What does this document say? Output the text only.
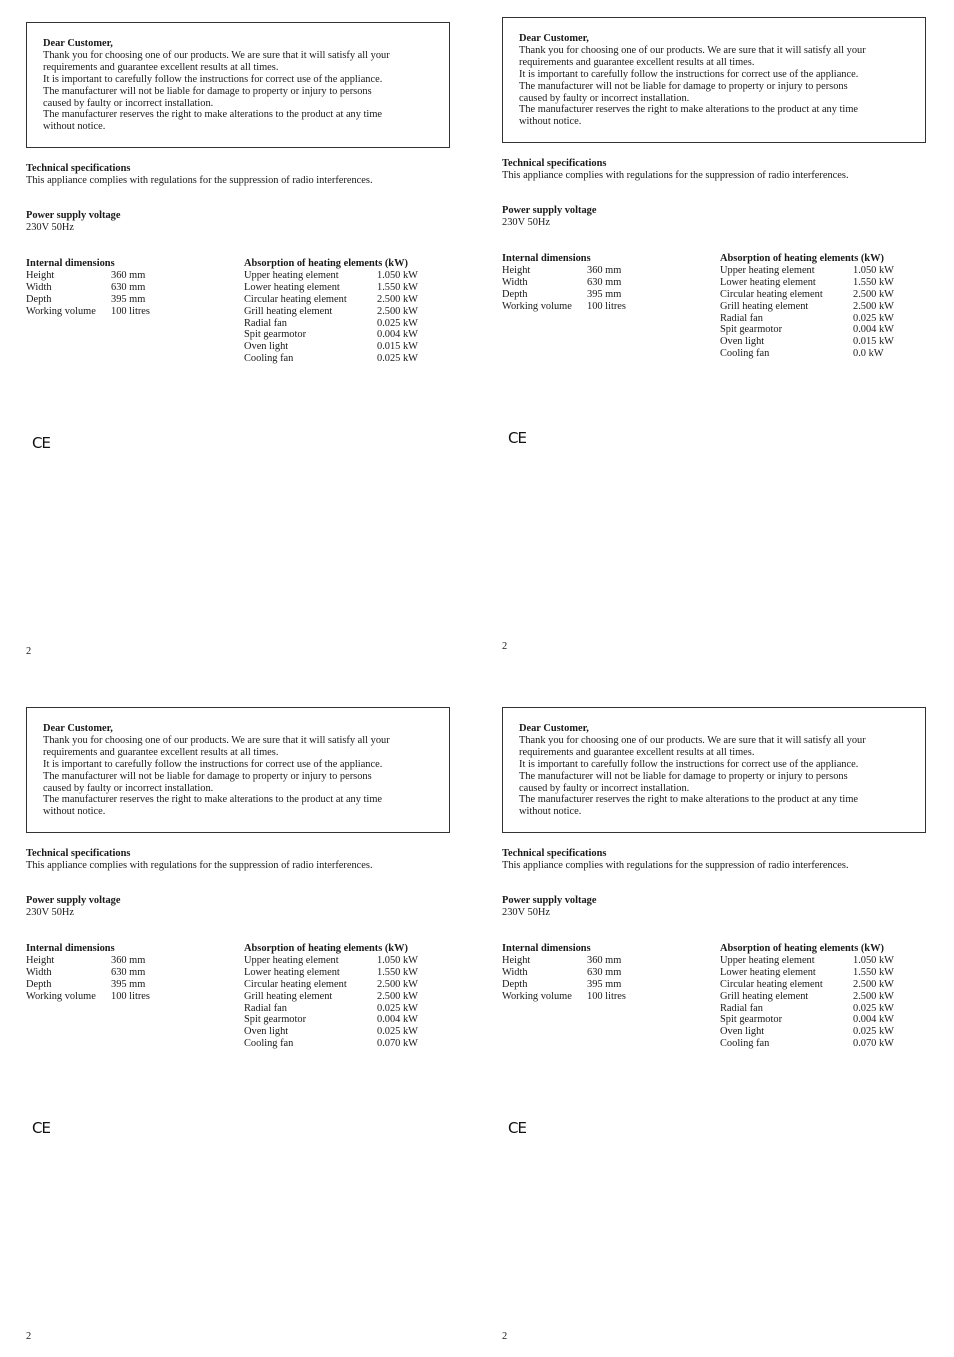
Dear Customer,
Thank you for choosing one of our products. We are sure that it will satisfy all your
requirements and guarantee excellent results at all times.
It is important to carefully follow the instructions for correct use of the appliance.
The manufacturer will not be liable for damage to property or injury to persons
caused by faulty or incorrect installation.
The manufacturer reserves the right to make alterations to the product at any time
without notice.
Technical specifications
This appliance complies with regulations for the suppression of radio interferences.
Power supply voltage
230V 50Hz
Internal dimensions
Height	360 mm
Width	630 mm
Depth	395 mm
Working volume	100 litres
Absorption of heating elements (kW)
Upper heating element	1.050 kW
Lower heating element	1.550 kW
Circular heating element	2.500 kW
Grill heating element	2.500 kW
Radial fan	0.025 kW
Spit gearmotor	0.004 kW
Oven light	0.015 kW
Cooling fan	0.025 kW
CE
2
Dear Customer,
Thank you for choosing one of our products. We are sure that it will satisfy all your
requirements and guarantee excellent results at all times.
It is important to carefully follow the instructions for correct use of the appliance.
The manufacturer will not be liable for damage to property or injury to persons
caused by faulty or incorrect installation.
The manufacturer reserves the right to make alterations to the product at any time
without notice.
Technical specifications
This appliance complies with regulations for the suppression of radio interferences.
Power supply voltage
230V 50Hz
Internal dimensions
Height	360 mm
Width	630 mm
Depth	395 mm
Working volume	100 litres
Absorption of heating elements (kW)
Upper heating element	1.050 kW
Lower heating element	1.550 kW
Circular heating element	2.500 kW
Grill heating element	2.500 kW
Radial fan	0.025 kW
Spit gearmotor	0.004 kW
Oven light	0.015 kW
Cooling fan	0.0 kW
CE
2
Dear Customer,
Thank you for choosing one of our products. We are sure that it will satisfy all your
requirements and guarantee excellent results at all times.
It is important to carefully follow the instructions for correct use of the appliance.
The manufacturer will not be liable for damage to property or injury to persons
caused by faulty or incorrect installation.
The manufacturer reserves the right to make alterations to the product at any time
without notice.
Technical specifications
This appliance complies with regulations for the suppression of radio interferences.
Power supply voltage
230V 50Hz
Internal dimensions
Height	360 mm
Width	630 mm
Depth	395 mm
Working volume	100 litres
Absorption of heating elements (kW)
Upper heating element	1.050 kW
Lower heating element	1.550 kW
Circular heating element	2.500 kW
Grill heating element	2.500 kW
Radial fan	0.025 kW
Spit gearmotor	0.004 kW
Oven light	0.025 kW
Cooling fan	0.070 kW
CE
2
Dear Customer,
Thank you for choosing one of our products. We are sure that it will satisfy all your
requirements and guarantee excellent results at all times.
It is important to carefully follow the instructions for correct use of the appliance.
The manufacturer will not be liable for damage to property or injury to persons
caused by faulty or incorrect installation.
The manufacturer reserves the right to make alterations to the product at any time
without notice.
Technical specifications
This appliance complies with regulations for the suppression of radio interferences.
Power supply voltage
230V 50Hz
Internal dimensions
Height	360 mm
Width	630 mm
Depth	395 mm
Working volume	100 litres
Absorption of heating elements (kW)
Upper heating element	1.050 kW
Lower heating element	1.550 kW
Circular heating element	2.500 kW
Grill heating element	2.500 kW
Radial fan	0.025 kW
Spit gearmotor	0.004 kW
Oven light	0.025 kW
Cooling fan	0.070 kW
CE
2
